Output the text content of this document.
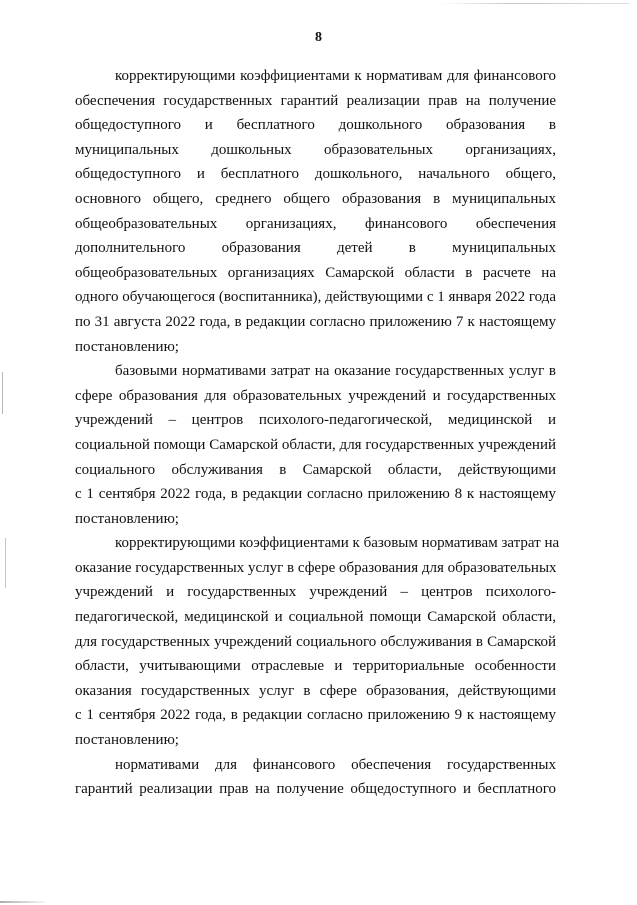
8
корректирующими коэффициентами к нормативам для финансового
обеспечения государственных гарантий реализации прав на получение
общедоступного и бесплатного дошкольного образования в
муниципальных дошкольных образовательных организациях,
общедоступного и бесплатного дошкольного, начального общего,
основного общего, среднего общего образования в муниципальных
общеобразовательных организациях, финансового обеспечения
дополнительного образования детей в муниципальных
общеобразовательных организациях Самарской области в расчете на
одного обучающегося (воспитанника), действующими с 1 января 2022 года
по 31 августа 2022 года, в редакции согласно приложению 7 к настоящему
постановлению;
базовыми нормативами затрат на оказание государственных услуг в
сфере образования для образовательных учреждений и государственных
учреждений – центров психолого-педагогической, медицинской и
социальной помощи Самарской области, для государственных учреждений
социального обслуживания в Самарской области, действующими
с 1 сентября 2022 года, в редакции согласно приложению 8 к настоящему
постановлению;
корректирующими коэффициентами к базовым нормативам затрат на
оказание государственных услуг в сфере образования для образовательных
учреждений и государственных учреждений – центров психолого-
педагогической, медицинской и социальной помощи Самарской области,
для государственных учреждений социального обслуживания в Самарской
области, учитывающими отраслевые и территориальные особенности
оказания государственных услуг в сфере образования, действующими
с 1 сентября 2022 года, в редакции согласно приложению 9 к настоящему
постановлению;
нормативами для финансового обеспечения государственных
гарантий реализации прав на получение общедоступного и бесплатного
